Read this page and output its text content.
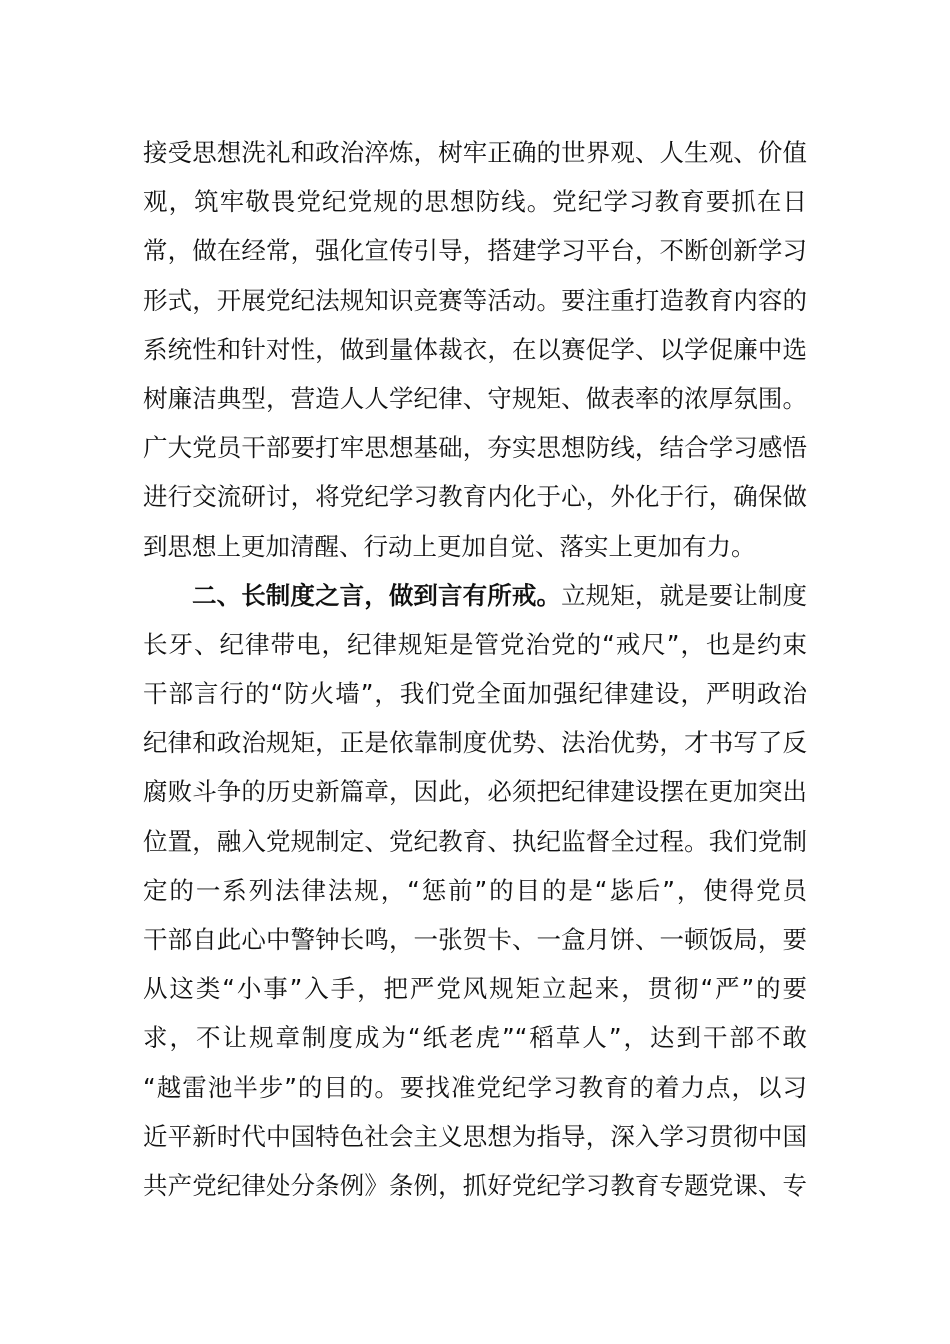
接受思想洗礼和政治淬炼，树牢正确的世界观、人生观、价值
观，筑牢敬畏党纪党规的思想防线。党纪学习教育要抓在日
常，做在经常，强化宣传引导，搭建学习平台，不断创新学习
形式，开展党纪法规知识竞赛等活动。要注重打造教育内容的
系统性和针对性，做到量体裁衣，在以赛促学、以学促廉中选
树廉洁典型，营造人人学纪律、守规矩、做表率的浓厚氛围。
广大党员干部要打牢思想基础，夯实思想防线，结合学习感悟
进行交流研讨，将党纪学习教育内化于心，外化于行，确保做
到思想上更加清醒、行动上更加自觉、落实上更加有力。
二、长制度之言，做到言有所戒。立规矩，就是要让制度
长牙、纪律带电，纪律规矩是管党治党的“戒尺”，也是约束
干部言行的“防火墙”，我们党全面加强纪律建设，严明政治
纪律和政治规矩，正是依靠制度优势、法治优势，才书写了反
腐败斗争的历史新篇章，因此，必须把纪律建设摆在更加突出
位置，融入党规制定、党纪教育、执纪监督全过程。我们党制
定的一系列法律法规，“惩前”的目的是“毖后”，使得党员
干部自此心中警钟长鸣，一张贺卡、一盒月饼、一顿饭局，要
从这类“小事”入手，把严党风规矩立起来，贯彻“严”的要
求，不让规章制度成为“纸老虎”“稻草人”，达到干部不敢
“越雷池半步”的目的。要找准党纪学习教育的着力点，以习
近平新时代中国特色社会主义思想为指导，深入学习贯彻中国
共产党纪律处分条例》条例，抓好党纪学习教育专题党课、专
